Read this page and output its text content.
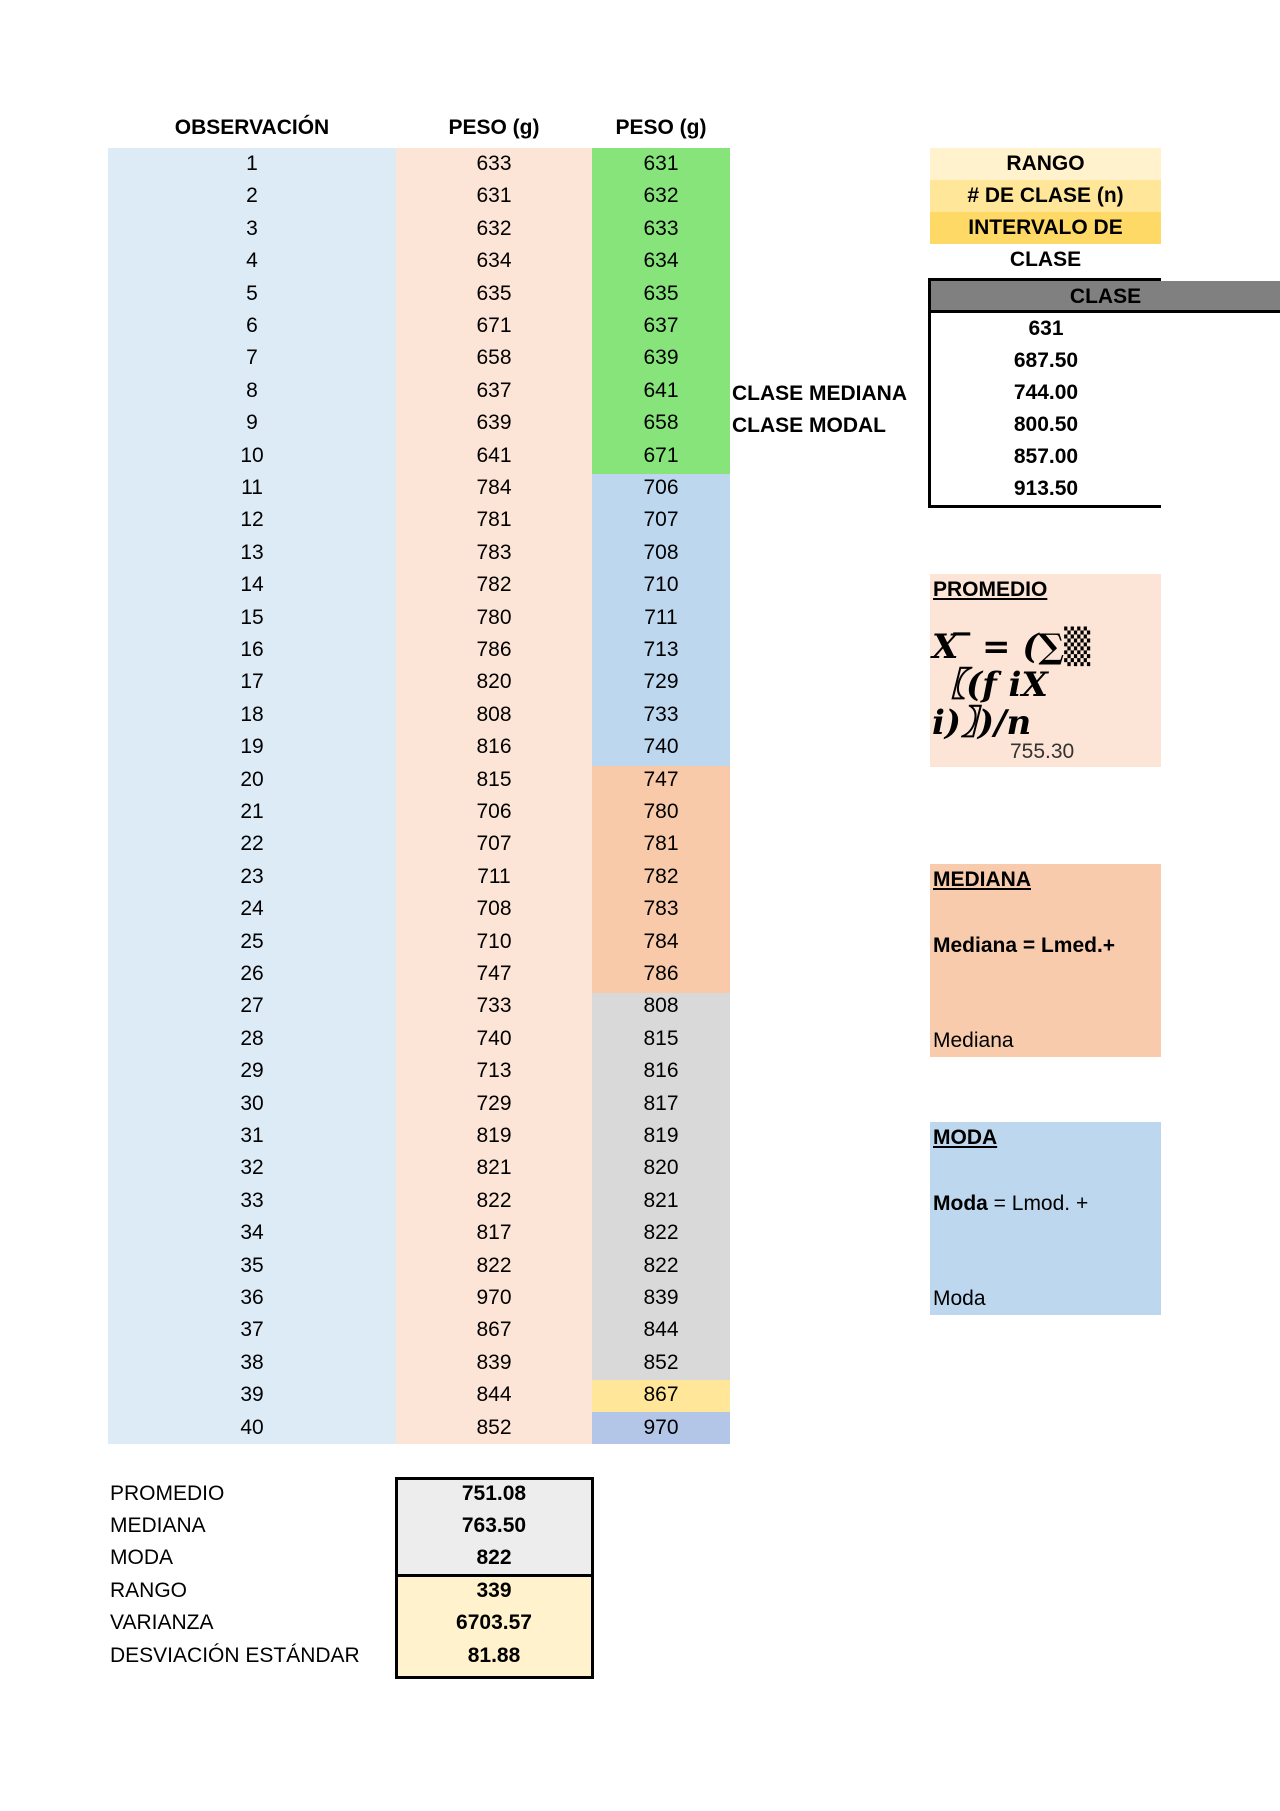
OBSERVACIÓN	PESO (g)	PESO (g)
1	633	631
2	631	632
3	632	633
4	634	634
5	635	635
6	671	637
7	658	639
8	637	641
9	639	658
10	641	671
11	784	706
12	781	707
13	783	708
14	782	710
15	780	711
16	786	713
17	820	729
18	808	733
19	816	740
20	815	747
21	706	780
22	707	781
23	711	782
24	708	783
25	710	784
26	747	786
27	733	808
28	740	815
29	713	816
30	729	817
31	819	819
32	821	820
33	822	821
34	817	822
35	822	822
36	970	839
37	867	844
38	839	852
39	844	867
40	852	970
CLASE MEDIANA
CLASE MODAL
RANGO
# DE CLASE (n)
INTERVALO DE CLASE
CLASE
631
687.50
744.00
800.50
857.00
913.50
PROMEDIO
𝑿 ̅ = (∑▒〖(𝒇 𝒊𝑿𝒊)〗)/𝒏
755.30
MEDIANA
Mediana = Lmed.+
Mediana
MODA
Moda = Lmod. +
Moda
PROMEDIO	751.08
MEDIANA	763.50
MODA	822
RANGO	339
VARIANZA	6703.57
DESVIACIÓN ESTÁNDAR	81.88
